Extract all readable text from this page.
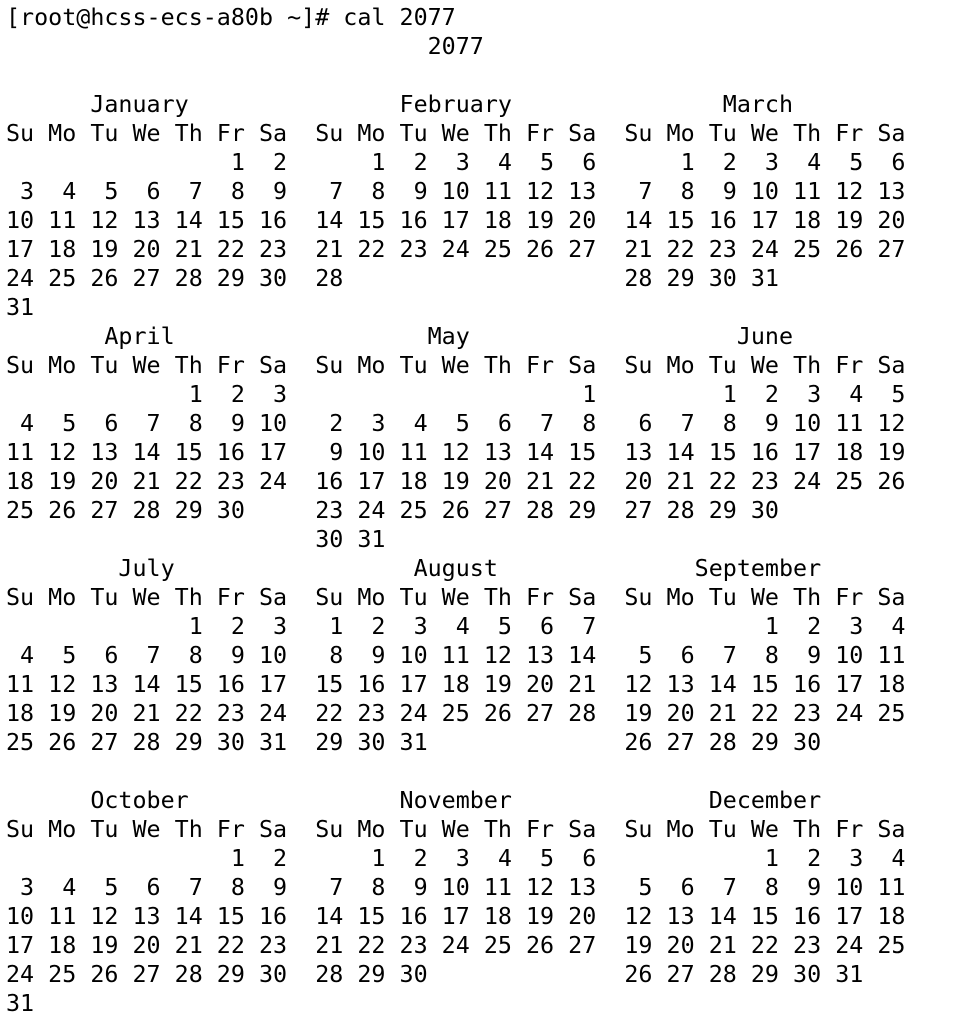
[root@hcss-ecs-a80b ~]# cal 2077
2077
January               February               March
Su Mo Tu We Th Fr Sa  Su Mo Tu We Th Fr Sa  Su Mo Tu We Th Fr Sa
1  2      1  2  3  4  5  6      1  2  3  4  5  6
3  4  5  6  7  8  9   7  8  9 10 11 12 13   7  8  9 10 11 12 13
10 11 12 13 14 15 16  14 15 16 17 18 19 20  14 15 16 17 18 19 20
17 18 19 20 21 22 23  21 22 23 24 25 26 27  21 22 23 24 25 26 27
24 25 26 27 28 29 30  28                    28 29 30 31
31
April                  May                   June
Su Mo Tu We Th Fr Sa  Su Mo Tu We Th Fr Sa  Su Mo Tu We Th Fr Sa
1  2  3                     1         1  2  3  4  5
4  5  6  7  8  9 10   2  3  4  5  6  7  8   6  7  8  9 10 11 12
11 12 13 14 15 16 17   9 10 11 12 13 14 15  13 14 15 16 17 18 19
18 19 20 21 22 23 24  16 17 18 19 20 21 22  20 21 22 23 24 25 26
25 26 27 28 29 30     23 24 25 26 27 28 29  27 28 29 30
30 31
July                 August              September
Su Mo Tu We Th Fr Sa  Su Mo Tu We Th Fr Sa  Su Mo Tu We Th Fr Sa
1  2  3   1  2  3  4  5  6  7            1  2  3  4
4  5  6  7  8  9 10   8  9 10 11 12 13 14   5  6  7  8  9 10 11
11 12 13 14 15 16 17  15 16 17 18 19 20 21  12 13 14 15 16 17 18
18 19 20 21 22 23 24  22 23 24 25 26 27 28  19 20 21 22 23 24 25
25 26 27 28 29 30 31  29 30 31              26 27 28 29 30
October               November              December
Su Mo Tu We Th Fr Sa  Su Mo Tu We Th Fr Sa  Su Mo Tu We Th Fr Sa
1  2      1  2  3  4  5  6            1  2  3  4
3  4  5  6  7  8  9   7  8  9 10 11 12 13   5  6  7  8  9 10 11
10 11 12 13 14 15 16  14 15 16 17 18 19 20  12 13 14 15 16 17 18
17 18 19 20 21 22 23  21 22 23 24 25 26 27  19 20 21 22 23 24 25
24 25 26 27 28 29 30  28 29 30              26 27 28 29 30 31
31
